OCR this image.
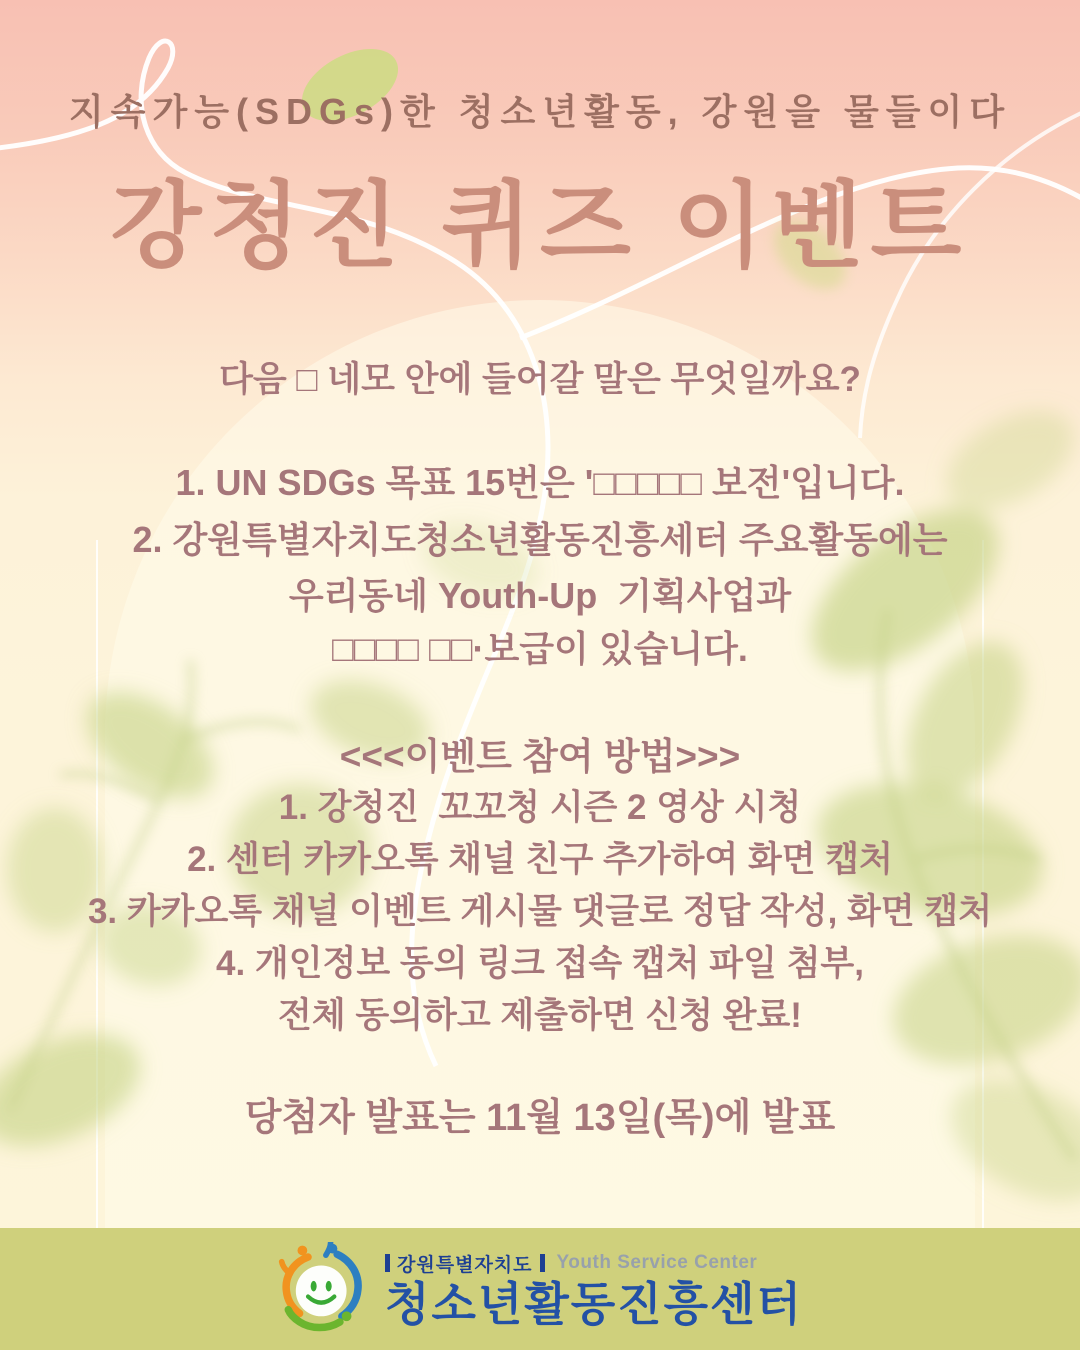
지속가능(SDGs)한 청소년활동, 강원을 물들이다
강청진 퀴즈 이벤트
다음 □ 네모 안에 들어갈 말은 무엇일까요?
1. UN SDGs 목표 15번은 '□□□□□ 보전'입니다.
2. 강원특별자치도청소년활동진흥세터 주요활동에는
우리동네 Youth-Up  기획사업과
□□□□ □□·보급이 있습니다.
<<<이벤트 참여 방법>>>
1. 강청진  꼬꼬청 시즌 2 영상 시청
2. 센터 카카오톡 채널 친구 추가하여 화면 캡처
3. 카카오톡 채널 이벤트 게시물 댓글로 정답 작성, 화면 캡처
4. 개인정보 동의 링크 접속 캡처 파일 첨부,
전체 동의하고 제출하면 신청 완료!
당첨자 발표는 11월 13일(목)에 발표
강원특별자치도 Youth Service Center
청소년활동진흥센터
